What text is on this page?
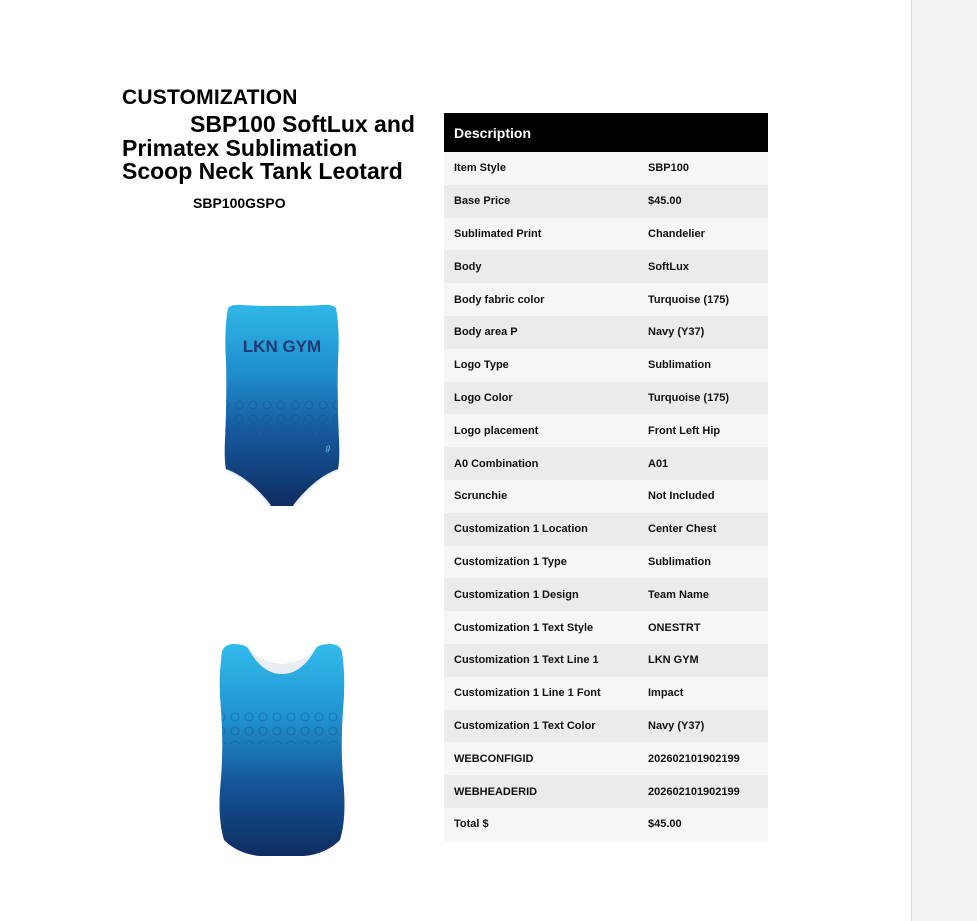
CUSTOMIZATION
SBP100 SoftLux and
Primatex Sublimation
Scoop Neck Tank Leotard
SBP100GSPO
LKN GYM
ℊ
Description	
Item Style	SBP100
Base Price	$45.00
Sublimated Print	Chandelier
Body	SoftLux
Body fabric color	Turquoise (175)
Body area P	Navy (Y37)
Logo Type	Sublimation
Logo Color	Turquoise (175)
Logo placement	Front Left Hip
A0 Combination	A01
Scrunchie	Not Included
Customization 1 Location	Center Chest
Customization 1 Type	Sublimation
Customization 1 Design	Team Name
Customization 1 Text Style	ONESTRT
Customization 1 Text Line 1	LKN GYM
Customization 1 Line 1 Font	Impact
Customization 1 Text Color	Navy (Y37)
WEBCONFIGID	202602101902199
WEBHEADERID	202602101902199
Total $	$45.00
